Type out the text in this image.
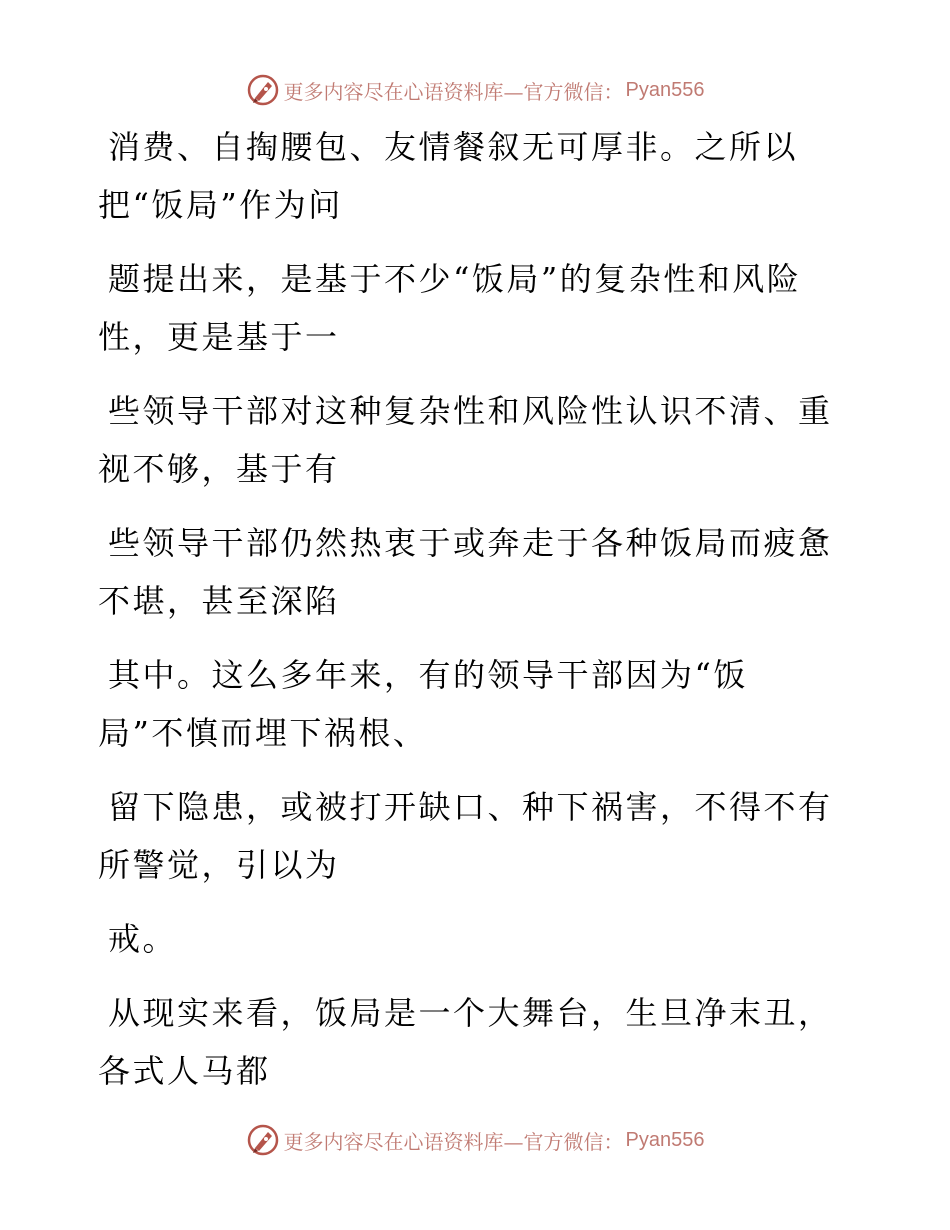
更多内容尽在心语资料库—官方微信： Pyan556
消费、自掏腰包、友情餐叙无可厚非。之所以
把“饭局”作为问
题提出来，是基于不少“饭局”的复杂性和风险
性，更是基于一
些领导干部对这种复杂性和风险性认识不清、重
视不够，基于有
些领导干部仍然热衷于或奔走于各种饭局而疲惫
不堪，甚至深陷
其中。这么多年来，有的领导干部因为“饭
局”不慎而埋下祸根、
留下隐患，或被打开缺口、种下祸害，不得不有
所警觉，引以为
戒。
从现实来看，饭局是一个大舞台，生旦净末丑，
各式人马都
更多内容尽在心语资料库—官方微信： Pyan556
